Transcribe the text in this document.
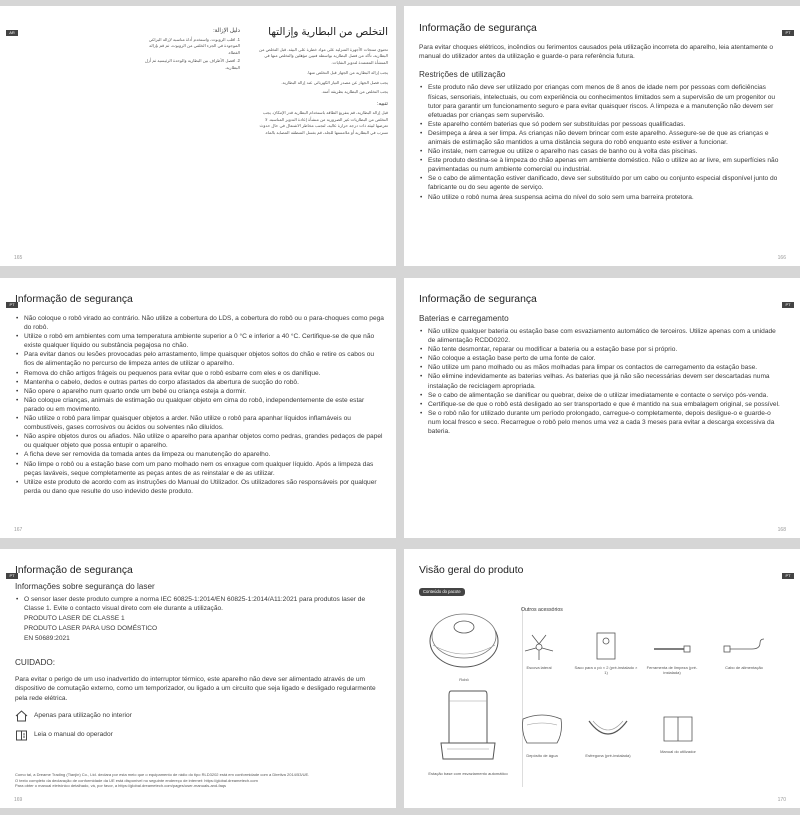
AR	التخلص من البطارية وإزالتها

تحتوي منتجات الأجهزة المنزلية على مواد خطرة على البيئة. قبل التخلص من البطارية، تأكد من فصل البطارية بواسطة فنيين مؤهلين والتخلص منها في المنشأة المعتمدة لتدوير النفايات.

يجب إزالة البطارية من الجهاز قبل التخلص منها.
يجب فصل الجهاز عن مصدر التيار الكهربائي عند إزالة البطارية.
يجب التخلص من البطارية بطريقة آمنة.
تنبيه:

قبل إزالة البطارية، قم بتفريغ الطاقة باستخدام البطارية قدر الإمكان. يجب التخلص من البطاريات غير الضرورية من منشأة إعادة التدوير المناسبة. لا تعرضها لبيئة ذات درجة حرارة عالية، لتجنب مخاطر الاشتعال في حال حدوث تسرب في البطارية أو ملامستها للجلد، قم بغسل المنطقة المصابة بالماء.

دليل الإزالة:
1. اقلب الروبوت، واستخدم أداة مناسبة لإزالة البراغي الموجودة في الجزء الخلفي من الروبوت، ثم قم بإزالة الغطاء.
2. افصل الأطراف بين البطارية والوحدة الرئيسية ثم أزل البطارية.
165
PT
Informação de segurança

Para evitar choques elétricos, incêndios ou ferimentos causados pela utilização incorreta do aparelho, leia atentamente o manual do utilizador antes da utilização e guarde-o para referência futura.

Restrições de utilização
• Este produto não deve ser utilizado por crianças com menos de 8 anos de idade nem por pessoas com deficiências físicas, sensoriais, intelectuais, ou com experiência ou conhecimentos limitados sem a supervisão de um progenitor ou tutor para garantir um funcionamento seguro e para evitar quaisquer riscos. A limpeza e a manutenção não devem ser efetuadas por crianças sem supervisão.
• Este aparelho contém baterias que só podem ser substituídas por pessoas qualificadas.
• Desimpeça a área a ser limpa. As crianças não devem brincar com este aparelho. Assegure-se de que as crianças e animais de estimação são mantidos a uma distância segura do robô enquanto este estiver a funcionar.
• Não instale, nem carregue ou utilize o aparelho nas casas de banho ou à volta das piscinas.
• Este produto destina-se à limpeza do chão apenas em ambiente doméstico. Não o utilize ao ar livre, em superfícies não pavimentadas ou num ambiente comercial ou industrial.
• Se o cabo de alimentação estiver danificado, deve ser substituído por um cabo ou conjunto especial disponível junto do fabricante ou do seu agente de serviço.
• Não utilize o robô numa área suspensa acima do nível do solo sem uma barreira protetora.
166
PT Informação de segurança
• Não coloque o robô virado ao contrário. Não utilize a cobertura do LDS, a cobertura do robô ou o para-choques como pega do robô.
• Utilize o robô em ambientes com uma temperatura ambiente superior a 0 °C e inferior a 40 °C. Certifique-se de que não existe qualquer líquido ou substância pegajosa no chão.
• Para evitar danos ou lesões provocadas pelo arrastamento, limpe quaisquer objetos soltos do chão e retire os cabos ou fios de alimentação no percurso de limpeza antes de utilizar o aparelho.
• Remova do chão artigos frágeis ou pequenos para evitar que o robô esbarre com eles e os danifique.
• Mantenha o cabelo, dedos e outras partes do corpo afastados da abertura de sucção do robô.
• Não opere o aparelho num quarto onde um bebé ou criança esteja a dormir.
• Não coloque crianças, animais de estimação ou qualquer objeto em cima do robô, independentemente de este estar parado ou em movimento.
• Não utilize o robô para limpar quaisquer objetos a arder. Não utilize o robô para apanhar líquidos inflamáveis ou combustíveis, gases corrosivos ou ácidos ou solventes não diluídos.
• Não aspire objetos duros ou afiados. Não utilize o aparelho para apanhar objetos como pedras, grandes pedaços de papel ou qualquer objeto que possa entupir o aparelho.
• A ficha deve ser removida da tomada antes da limpeza ou manutenção do aparelho.
• Não limpe o robô ou a estação base com um pano molhado nem os enxague com qualquer líquido. Após a limpeza das peças laváveis, seque completamente as peças antes de as reinstalar e de as utilizar.
• Utilize este produto de acordo com as instruções do Manual do Utilizador. Os utilizadores são responsáveis por qualquer perda ou dano que resulte do uso indevido deste produto.
167
PT
Informação de segurança
Baterias e carregamento
• Não utilize qualquer bateria ou estação base com esvaziamento automático de terceiros. Utilize apenas com a unidade de alimentação RCDD0202.
• Não tente desmontar, reparar ou modificar a bateria ou a estação base por si próprio.
• Não coloque a estação base perto de uma fonte de calor.
• Não utilize um pano molhado ou as mãos molhadas para limpar os contactos de carregamento da estação base.
• Não elimine indevidamente as baterias velhas. As baterias que já não são necessárias devem ser descartadas numa instalação de reciclagem apropriada.
• Se o cabo de alimentação se danificar ou quebrar, deixe de o utilizar imediatamente e contacte o serviço pós-venda.
• Certifique-se de que o robô está desligado ao ser transportado e que é mantido na sua embalagem original, se possível.
• Se o robô não for utilizado durante um período prolongado, carregue-o completamente, depois desligue-o e guarde-o num local fresco e seco. Recarregue o robô pelo menos uma vez a cada 3 meses para evitar a descarga excessiva da bateria.
168
PT Informação de segurança
Informações sobre segurança do laser
• O sensor laser deste produto cumpre a norma IEC 60825-1:2014/EN 60825-1:2014/A11:2021 para produtos laser de Classe 1. Evite o contacto visual direto com ele durante a utilização.
PRODUTO LASER DE CLASSE 1
PRODUTO LASER PARA USO DOMÉSTICO
EN 50689:2021
CUIDADO:

Para evitar o perigo de um uso inadvertido do interruptor térmico, este aparelho não deve ser alimentado através de um dispositivo de comutação externo, como um temporizador, ou ligado a um circuito que seja ligado e desligado regularmente pela rede elétrica.

Apenas para utilização no interior
Leia o manual do operador
Como tal, a Dreame Trading (Tianjin) Co., Ltd. declara por esta meio que o equipamento de rádio do tipo RLD3202 está em conformidade com a Diretiva 2014/53/UE.
O texto completo da declaração de conformidade da UE está disponível no seguinte endereço de internet: https://global.dreametech.com
Para obter o manual eletrónico detalhado, vá, por favor, a https://global.dreametech.com/pages/user-manuals-and-faqs
169
PT
Visão geral do produto
Conteúdo do pacote
Robô
Estação base com esvaziamento automático
Outros acessórios
Escova lateral	Saco para o pó × 2 (pré-instalado × 1)
Ferramenta de limpeza (pré-instalada)
Cabo de alimentação
Depósito de água	Esfregona (pré-instalada)
Manual do utilizador
170
